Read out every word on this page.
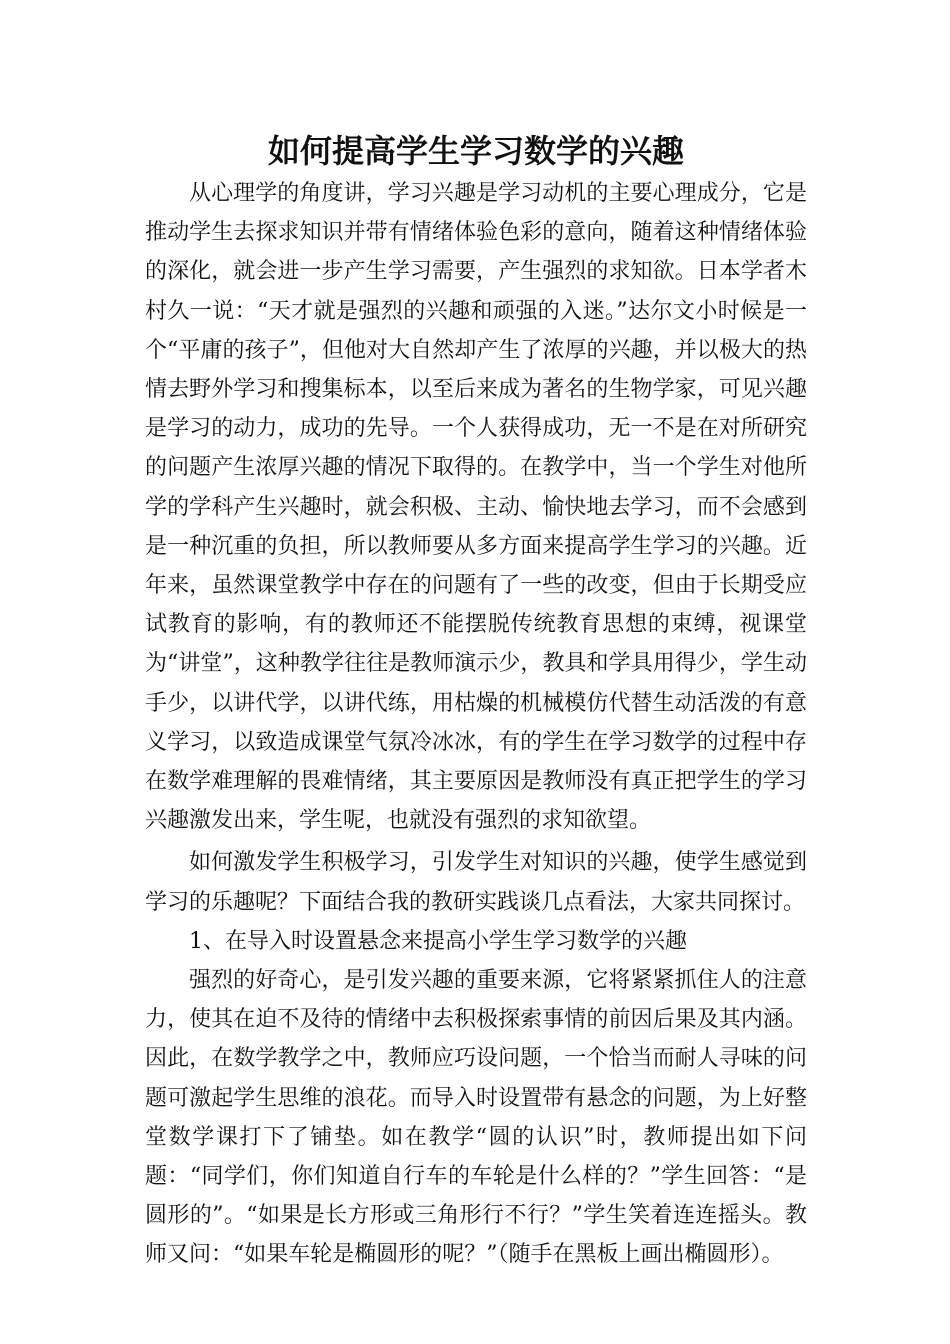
如何提高学生学习数学的兴趣

从心理学的角度讲，学习兴趣是学习动机的主要心理成分，它是推动学生去探求知识并带有情绪体验色彩的意向，随着这种情绪体验的深化，就会进一步产生学习需要，产生强烈的求知欲。日本学者木村久一说：“天才就是强烈的兴趣和顽强的入迷。”达尔文小时候是一个“平庸的孩子”，但他对大自然却产生了浓厚的兴趣，并以极大的热情去野外学习和搜集标本，以至后来成为著名的生物学家，可见兴趣是学习的动力，成功的先导。一个人获得成功，无一不是在对所研究的问题产生浓厚兴趣的情况下取得的。在教学中，当一个学生对他所学的学科产生兴趣时，就会积极、主动、愉快地去学习，而不会感到是一种沉重的负担，所以教师要从多方面来提高学生学习的兴趣。近年来，虽然课堂教学中存在的问题有了一些的改变，但由于长期受应试教育的影响，有的教师还不能摆脱传统教育思想的束缚，视课堂为“讲堂”，这种教学往往是教师演示少，教具和学具用得少，学生动手少，以讲代学，以讲代练，用枯燥的机械模仿代替生动活泼的有意义学习，以致造成课堂气氛冷冰冰，有的学生在学习数学的过程中存在数学难理解的畏难情绪，其主要原因是教师没有真正把学生的学习兴趣激发出来，学生呢，也就没有强烈的求知欲望。

如何激发学生积极学习，引发学生对知识的兴趣，使学生感觉到学习的乐趣呢？下面结合我的教研实践谈几点看法，大家共同探讨。

1、在导入时设置悬念来提高小学生学习数学的兴趣

强烈的好奇心，是引发兴趣的重要来源，它将紧紧抓住人的注意力，使其在迫不及待的情绪中去积极探索事情的前因后果及其内涵。因此，在数学教学之中，教师应巧设问题，一个恰当而耐人寻味的问题可激起学生思维的浪花。而导入时设置带有悬念的问题，为上好整堂数学课打下了铺垫。如在教学“圆的认识”时，教师提出如下问题：“同学们，你们知道自行车的车轮是什么样的？”学生回答：“是圆形的”。“如果是长方形或三角形行不行？”学生笑着连连摇头。教师又问：“如果车轮是椭圆形的呢？”（随手在黑板上画出椭圆形）。
